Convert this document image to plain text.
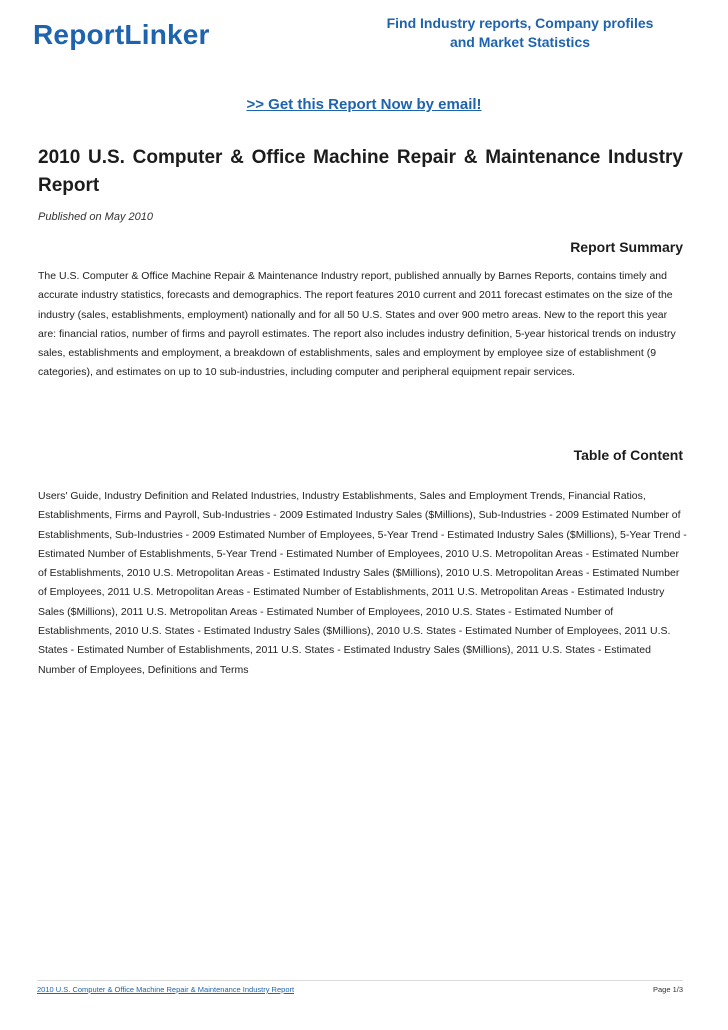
ReportLinker	Find Industry reports, Company profiles
and Market Statistics
>> Get this Report Now by email!
2010 U.S. Computer & Office Machine Repair & Maintenance Industry Report
Published on May 2010
Report Summary

The U.S. Computer & Office Machine Repair & Maintenance Industry report, published annually by Barnes Reports, contains timely and accurate industry statistics, forecasts and demographics. The report features 2010 current and 2011 forecast estimates on the size of the industry (sales, establishments, employment) nationally and for all 50 U.S. States and over 900 metro areas. New to the report this year are: financial ratios, number of firms and payroll estimates. The report also includes industry definition, 5-year historical trends on industry sales, establishments and employment, a breakdown of establishments, sales and employment by employee size of establishment (9 categories), and estimates on up to 10 sub-industries, including computer and peripheral equipment repair services.

Table of Content

Users' Guide, Industry Definition and Related Industries, Industry Establishments, Sales and Employment Trends, Financial Ratios, Establishments, Firms and Payroll, Sub-Industries - 2009 Estimated Industry Sales ($Millions), Sub-Industries - 2009 Estimated Number of Establishments, Sub-Industries - 2009 Estimated Number of Employees, 5-Year Trend - Estimated Industry Sales ($Millions), 5-Year Trend - Estimated Number of Establishments, 5-Year Trend - Estimated Number of Employees, 2010 U.S. Metropolitan Areas - Estimated Number of Establishments, 2010 U.S. Metropolitan Areas - Estimated Industry Sales ($Millions), 2010 U.S. Metropolitan Areas - Estimated Number of Employees, 2011 U.S. Metropolitan Areas - Estimated Number of Establishments, 2011 U.S. Metropolitan Areas - Estimated Industry Sales ($Millions), 2011 U.S. Metropolitan Areas - Estimated Number of Employees, 2010 U.S. States - Estimated Number of Establishments, 2010 U.S. States - Estimated Industry Sales ($Millions), 2010 U.S. States - Estimated Number of Employees, 2011 U.S. States - Estimated Number of Establishments, 2011 U.S. States - Estimated Industry Sales ($Millions), 2011 U.S. States - Estimated Number of Employees, Definitions and Terms

2010 U.S. Computer & Office Machine Repair & Maintenance Industry Report	Page 1/3
